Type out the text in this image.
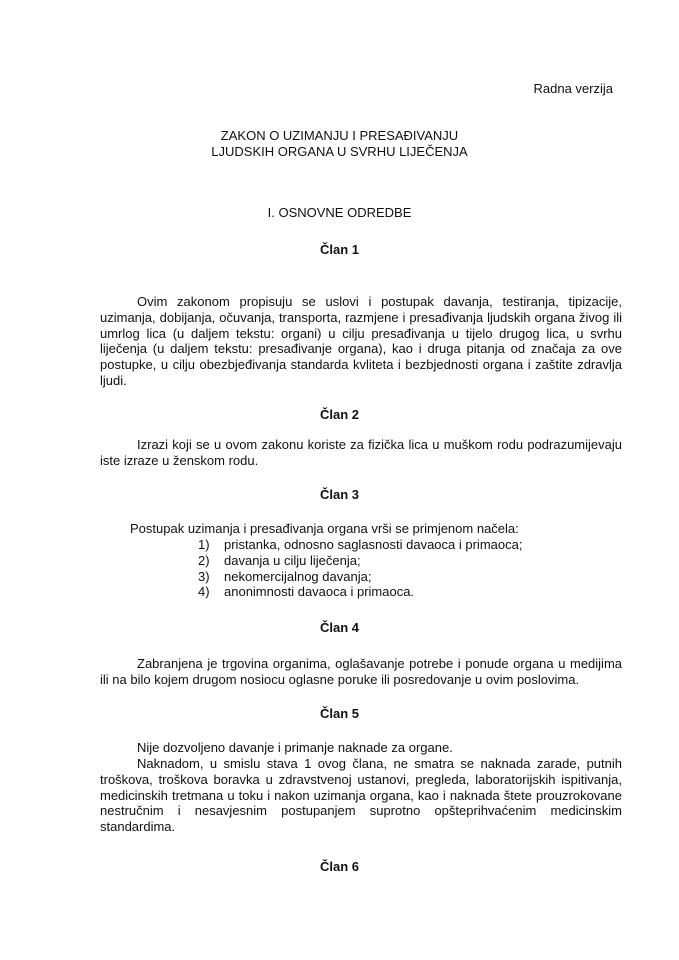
Radna verzija
ZAKON O UZIMANJU I PRESAĐIVANJU
LJUDSKIH ORGANA U SVRHU LIJEČENJA
I. OSNOVNE ODREDBE
Član 1

Ovim zakonom propisuju se uslovi i postupak davanja, testiranja, tipizacije, uzimanja, dobijanja, očuvanja, transporta, razmjene i presađivanja ljudskih organa živog ili umrlog lica (u daljem tekstu: organi) u cilju presađivanja u tijelo drugog lica, u svrhu liječenja (u daljem tekstu: presađivanje organa), kao i druga pitanja od značaja za ove postupke, u cilju obezbjeđivanja standarda kvliteta i bezbjednosti organa i zaštite zdravlja ljudi.

Član 2

Izrazi koji se u ovom zakonu koriste za fizička lica u muškom rodu podrazumijevaju iste izraze u ženskom rodu.

Član 3

Postupak uzimanja i presađivanja organa vrši se primjenom načela:

1) pristanka, odnosno saglasnosti davaoca i primaoca;
2) davanja u cilju liječenja;
3) nekomercijalnog davanja;
4) anonimnosti davaoca i primaoca.
Član 4

Zabranjena je trgovina organima, oglašavanje potrebe i ponude organa u medijima ili na bilo kojem drugom nosiocu oglasne poruke ili posredovanje u ovim poslovima.

Član 5

Nije dozvoljeno davanje i primanje naknade za organe.

Naknadom, u smislu stava 1 ovog člana, ne smatra se naknada zarade, putnih troškova, troškova boravka u zdravstvenoj ustanovi, pregleda, laboratorijskih ispitivanja, medicinskih tretmana u toku i nakon uzimanja organa, kao i naknada štete prouzrokovane nestručnim i nesavjesnim postupanjem suprotno opšteprihvaćenim medicinskim standardima.

Član 6
